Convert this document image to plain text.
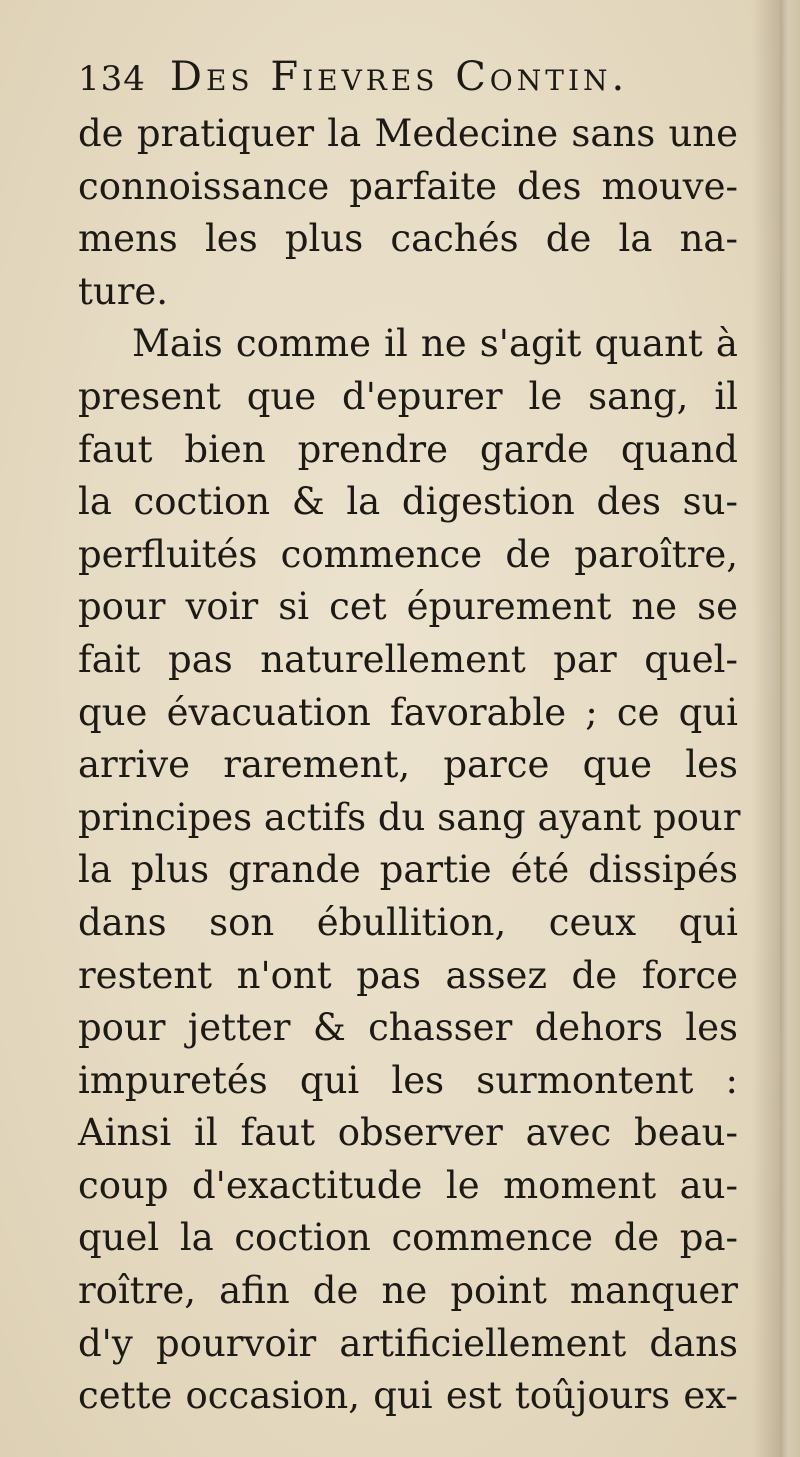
134 Des Fievres Contin.
de pratiquer la Medecine sans une
connoissance parfaite des mouve-
mens les plus cachés de la na-
ture.
Mais comme il ne s'agit quant à
present que d'epurer le sang, il
faut bien prendre garde quand
la coction & la digestion des su-
perfluités commence de paroître,
pour voir si cet épurement ne se
fait pas naturellement par quel-
que évacuation favorable ; ce qui
arrive rarement, parce que les
principes actifs du sang ayant pour
la plus grande partie été dissipés
dans son ébullition, ceux qui
restent n'ont pas assez de force
pour jetter & chasser dehors les
impuretés qui les surmontent :
Ainsi il faut observer avec beau-
coup d'exactitude le moment au-
quel la coction commence de pa-
roître, afin de ne point manquer
d'y pourvoir artificiellement dans
cette occasion, qui est toûjours ex-
